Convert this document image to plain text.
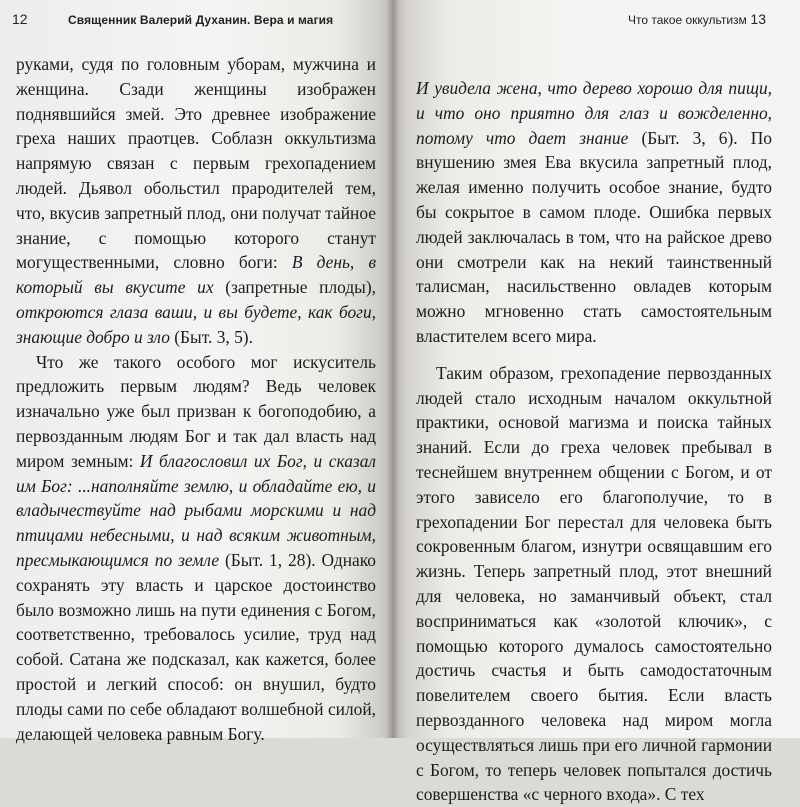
12	Священник Валерий Духанин. Вера и магия

руками, судя по головным уборам, мужчина и женщина. Сзади женщины изображен поднявшийся змей. Это древнее изображение греха наших праотцев. Соблазн оккультизма напрямую связан с первым грехопадением людей. Дьявол обольстил прародителей тем, что, вкусив запретный плод, они получат тайное знание, с помощью которого станут могущественными, словно боги: В день, в который вы вкусите их (запретные плоды), откроются глаза ваши, и вы будете, как боги, знающие добро и зло (Быт. 3, 5).

Что же такого особого мог искуситель предложить первым людям? Ведь человек изначально уже был призван к богоподобию, а первозданным людям Бог и так дал власть над миром земным: И благословил их Бог, и сказал им Бог: ...наполняйте землю, и обладайте ею, и владычествуйте над рыбами морскими и над птицами небесными, и над всяким животным, пресмыкающимся по земле (Быт. 1, 28). Однако сохранять эту власть и царское достоинство было возможно лишь на пути единения с Богом, соответственно, требовалось усилие, труд над собой. Сатана же подсказал, как кажется, более простой и легкий способ: он внушил, будто плоды сами по себе обладают волшебной силой, делающей человека равным Богу.

Что такое оккультизм 13

И увидела жена, что дерево хорошо для пищи, и что оно приятно для глаз и вожделенно, потому что дает знание (Быт. 3, 6). По внушению змея Ева вкусила запретный плод, желая именно получить особое знание, будто бы сокрытое в самом плоде. Ошибка первых людей заключалась в том, что на райское древо они смотрели как на некий таинственный талисман, насильственно овладев которым можно мгновенно стать самостоятельным властителем всего мира.

Таким образом, грехопадение первозданных людей стало исходным началом оккультной практики, основой магизма и поиска тайных знаний. Если до греха человек пребывал в теснейшем внутреннем общении с Богом, и от этого зависело его благополучие, то в грехопадении Бог перестал для человека быть сокровенным благом, изнутри освящавшим его жизнь. Теперь запретный плод, этот внешний для человека, но заманчивый объект, стал восприниматься как «золотой ключик», с помощью которого думалось самостоятельно достичь счастья и быть самодостаточным повелителем своего бытия. Если власть первозданного человека над миром могла осуществляться лишь при его личной гармонии с Богом, то теперь человек попытался достичь совершенства «с черного входа». С тех
